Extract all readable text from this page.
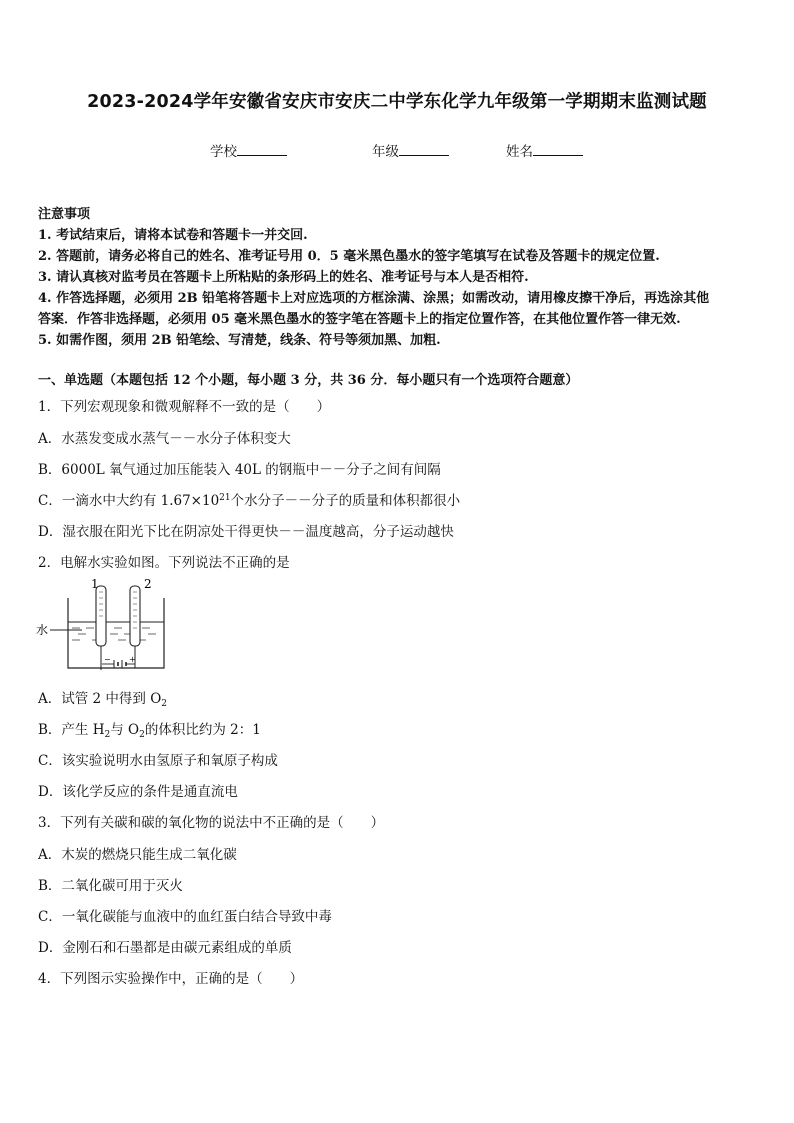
2023-2024学年安徽省安庆市安庆二中学东化学九年级第一学期期末监测试题
学校	年级	姓名
注意事项
1. 考试结束后，请将本试卷和答题卡一并交回.
2. 答题前，请务必将自己的姓名、准考证号用 0．5 毫米黑色墨水的签字笔填写在试卷及答题卡的规定位置.
3. 请认真核对监考员在答题卡上所粘贴的条形码上的姓名、准考证号与本人是否相符.
4. 作答选择题，必须用 2B 铅笔将答题卡上对应选项的方框涂满、涂黑；如需改动，请用橡皮擦干净后，再选涂其他
答案．作答非选择题，必须用 05 毫米黑色墨水的签字笔在答题卡上的指定位置作答，在其他位置作答一律无效.
5. 如需作图，须用 2B 铅笔绘、写清楚，线条、符号等须加黑、加粗.
一、单选题（本题包括 12 个小题，每小题 3 分，共 36 分．每小题只有一个选项符合题意）
1．下列宏观现象和微观解释不一致的是（　　）
A．水蒸发变成水蒸气－－水分子体积变大
B．6000L 氧气通过加压能装入 40L 的钢瓶中－－分子之间有间隔
C．一滴水中大约有 $1.67\times 10^{21}$个水分子－－分子的质量和体积都很小
D．湿衣服在阳光下比在阴凉处干得更快－－温度越高，分子运动越快
2．电解水实验如图。下列说法不正确的是
− +
1	2
水
A．试管 2 中得到 $O_2$
B．产生 $H_2$与 $O_2$的体积比约为 2：1
C．该实验说明水由氢原子和氧原子构成
D．该化学反应的条件是通直流电
3．下列有关碳和碳的氧化物的说法中不正确的是（　　）
A．木炭的燃烧只能生成二氧化碳
B．二氧化碳可用于灭火
C．一氧化碳能与血液中的血红蛋白结合导致中毒
D．金刚石和石墨都是由碳元素组成的单质
4．下列图示实验操作中，正确的是（　　）
